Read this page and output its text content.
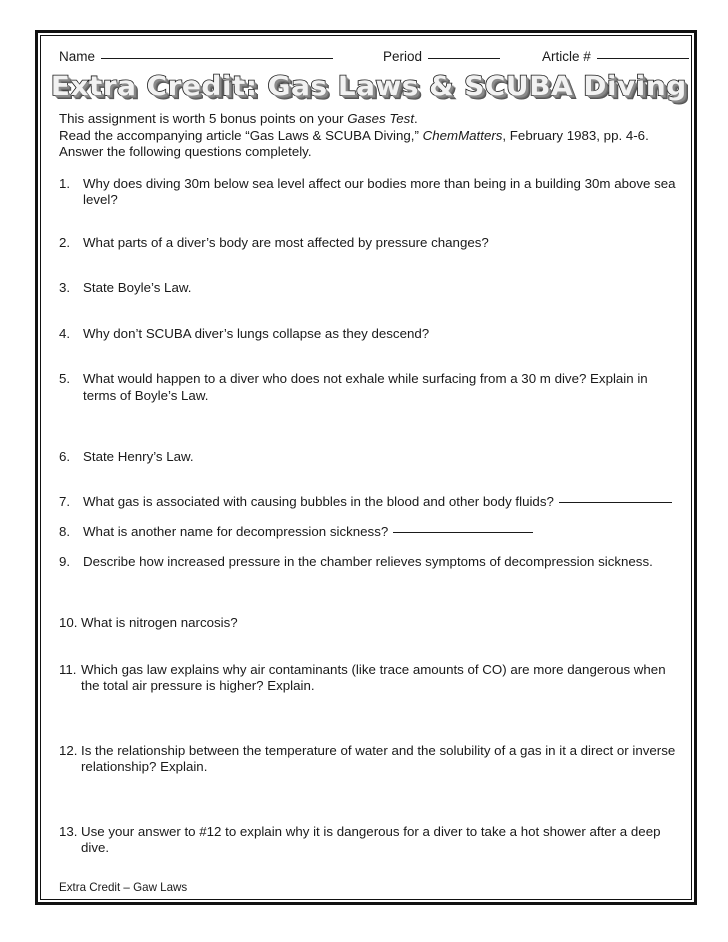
Name	Period	Article #
Extra Credit: Gas Laws & SCUBA Diving
This assignment is worth 5 bonus points on your Gases Test.
Read the accompanying article “Gas Laws & SCUBA Diving,” ChemMatters, February 1983, pp. 4-6.
Answer the following questions completely.
1. Why does diving 30m below sea level affect our bodies more than being in a building 30m above sea level?
2. What parts of a diver’s body are most affected by pressure changes?
3. State Boyle’s Law.
4. Why don’t SCUBA diver’s lungs collapse as they descend?
5. What would happen to a diver who does not exhale while surfacing from a 30 m dive? Explain in terms of Boyle’s Law.
6. State Henry’s Law.
7. What gas is associated with causing bubbles in the blood and other body fluids?
8. What is another name for decompression sickness?
9. Describe how increased pressure in the chamber relieves symptoms of decompression sickness.
10. What is nitrogen narcosis?
11. Which gas law explains why air contaminants (like trace amounts of CO) are more dangerous when the total air pressure is higher? Explain.
12. Is the relationship between the temperature of water and the solubility of a gas in it a direct or inverse relationship? Explain.
13. Use your answer to #12 to explain why it is dangerous for a diver to take a hot shower after a deep dive.
Extra Credit – Gaw Laws
